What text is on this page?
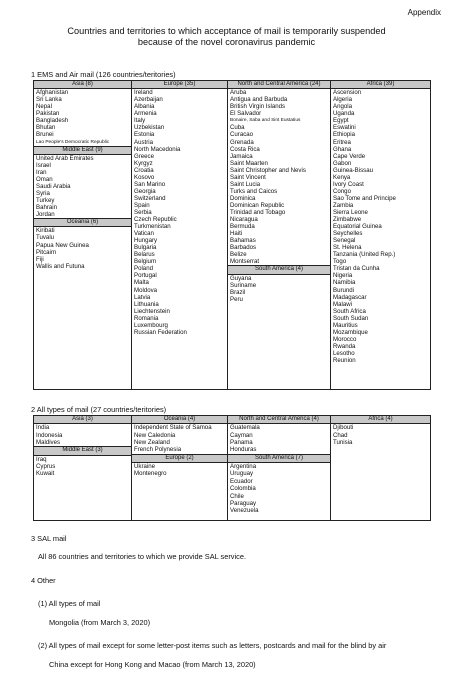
Appendix
Countries and territories to which acceptance of mail is temporarily suspended
because of the novel coronavirus pandemic
1 EMS and Air mail (126 countries/teritories)
Asia (8)
Afghanistan
Sri Lanka
Nepal
Pakistan
Bangladesh
Bhutan
Brunei
Lao People's Democratic Republic
Middle East (9)
United Arab Emirates
Israel
Iran
Oman
Saudi Arabia
Syria
Turkey
Bahrain
Jordan
Oceania (6)
Kiribati
Tuvalu
Papua New Guinea
Pitcairn
Fiji
Wallis and Futuna

Europe (35)
Ireland
Azerbaijan
Albania
Armenia
Italy
Uzbekistan
Estonia
Austria
North Macedonia
Greece
Kyrgyz
Croatia
Kosovo
San Marino
Georgia
Switzerland
Spain
Serbia
Czech Republic
Turkmenistan
Vatican
Hungary
Bulgaria
Belarus
Belgium
Poland
Portugal
Malta
Moldova
Latvia
Lithuania
Liechtenstein
Romania
Luxembourg
Russian Federation

North and Central America (24)
Aruba
Antigua and Barbuda
British Virgin Islands
El Salvador
Bonaire, Saba and Sint Eustatius
Cuba
Curacao
Grenada
Costa Rica
Jamaica
Saint Maarten
Saint Christopher and Nevis
Saint Vincent
Saint Lucia
Turks and Caicos
Dominica
Dominican Republic
Trinidad and Tobago
Nicaragua
Bermuda
Haiti
Bahamas
Barbados
Belize
Montserrat
South America (4)
Guyana
Suriname
Brazil
Peru

Africa (39)
Ascension
Algeria
Angola
Uganda
Egypt
Eswatini
Ethiopia
Eritrea
Ghana
Cape Verde
Gabon
Guinea-Bissau
Kenya
Ivory Coast
Congo
Sao Tome and Principe
Zambia
Sierra Leone
Zimbabwe
Equatorial Guinea
Seychelles
Senegal
St. Helena
Tanzania (United Rep.)
Togo
Tristan da Cunha
Nigeria
Namibia
Burundi
Madagascar
Malawi
South Africa
South Sudan
Mauritius
Mozambique
Morocco
Rwanda
Lesotho
Reunion
2 All types of mail (27 countries/teritories)
Asia (3)
India
Indonesia
Maldives
Middle East (3)
Iraq
Cyprus
Kuwait

Oceania (4)
Independent State of Samoa
New Caledonia
New Zealand
French Polynesia
Europe (2)
Ukraine
Montenegro

North and Central America (4)
Guatemala
Cayman
Panama
Honduras
South America (7)
Argentina
Uruguay
Ecuador
Colombia
Chile
Paraguay
Venezuela

Africa (4)
Djibouti
Chad
Tunisia
3 SAL mail
All 86 countries and territories to which we provide SAL service.
4 Other
(1) All types of mail
Mongolia (from March 3, 2020)
(2) All types of mail except for some letter-post items such as letters, postcards and mail for the blind by air
China except for Hong Kong and Macao (from March 13, 2020)
